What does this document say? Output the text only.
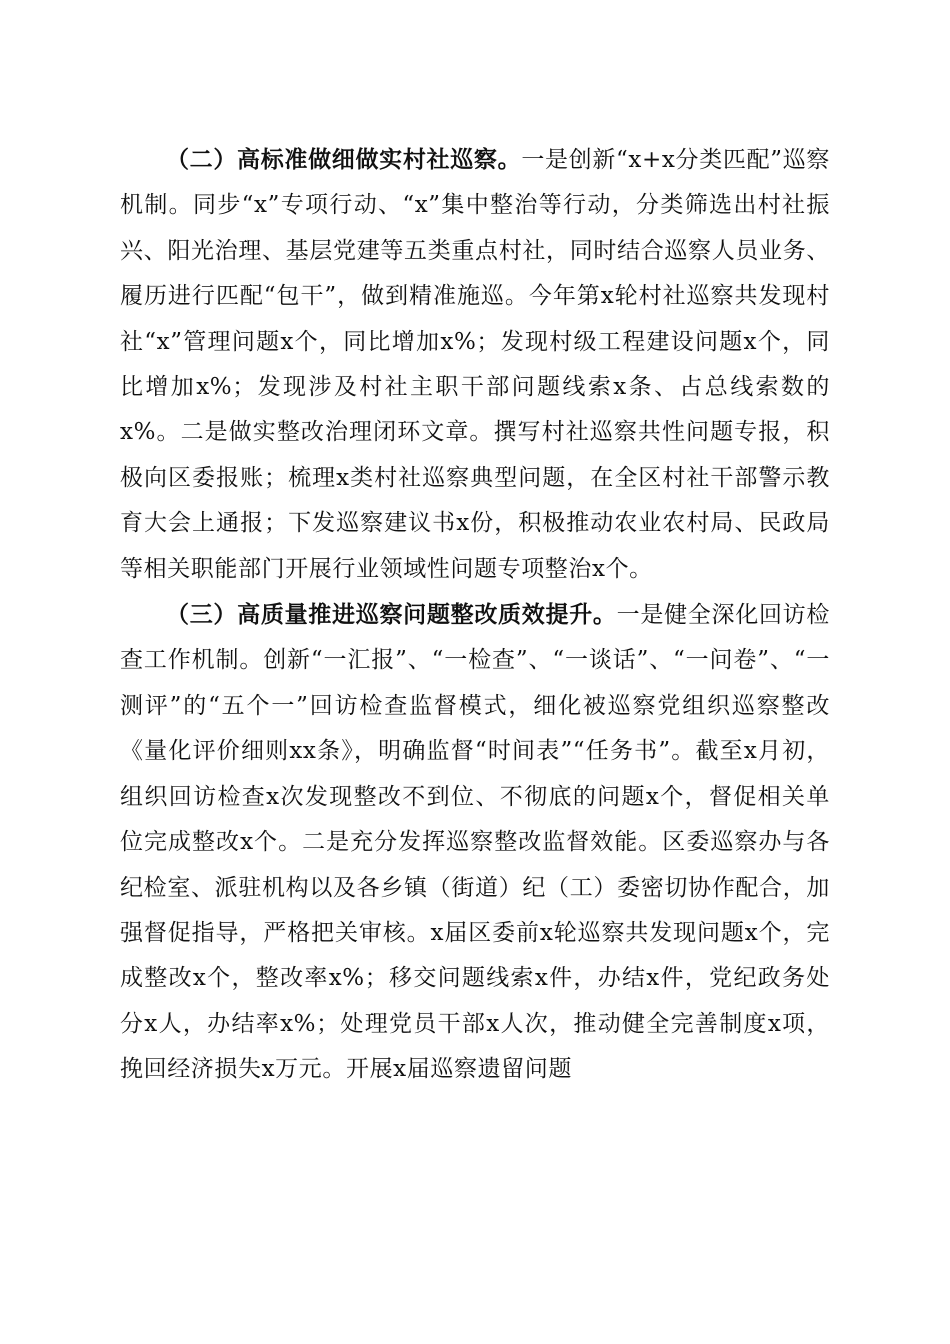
（二）高标准做细做实村社巡察。一是创新“x+x分类匹配”巡察机制。同步“x”专项行动、“x”集中整治等行动，分类筛选出村社振兴、阳光治理、基层党建等五类重点村社，同时结合巡察人员业务、履历进行匹配“包干”，做到精准施巡。今年第x轮村社巡察共发现村社“x”管理问题x个，同比增加x%；发现村级工程建设问题x个，同比增加x%；发现涉及村社主职干部问题线索x条、占总线索数的x%。二是做实整改治理闭环文章。撰写村社巡察共性问题专报，积极向区委报账；梳理x类村社巡察典型问题，在全区村社干部警示教育大会上通报；下发巡察建议书x份，积极推动农业农村局、民政局等相关职能部门开展行业领域性问题专项整治x个。

（三）高质量推进巡察问题整改质效提升。一是健全深化回访检查工作机制。创新“一汇报”、“一检查”、“一谈话”、“一问卷”、“一测评”的“五个一”回访检查监督模式，细化被巡察党组织巡察整改《量化评价细则xx条》，明确监督“时间表”“任务书”。截至x月初，组织回访检查x次发现整改不到位、不彻底的问题x个，督促相关单位完成整改x个。二是充分发挥巡察整改监督效能。区委巡察办与各纪检室、派驻机构以及各乡镇（街道）纪（工）委密切协作配合，加强督促指导，严格把关审核。x届区委前x轮巡察共发现问题x个，完成整改x个，整改率x%；移交问题线索x件，办结x件，党纪政务处分x人，办结率x%；处理党员干部x人次，推动健全完善制度x项，挽回经济损失x万元。开展x届巡察遗留问题
